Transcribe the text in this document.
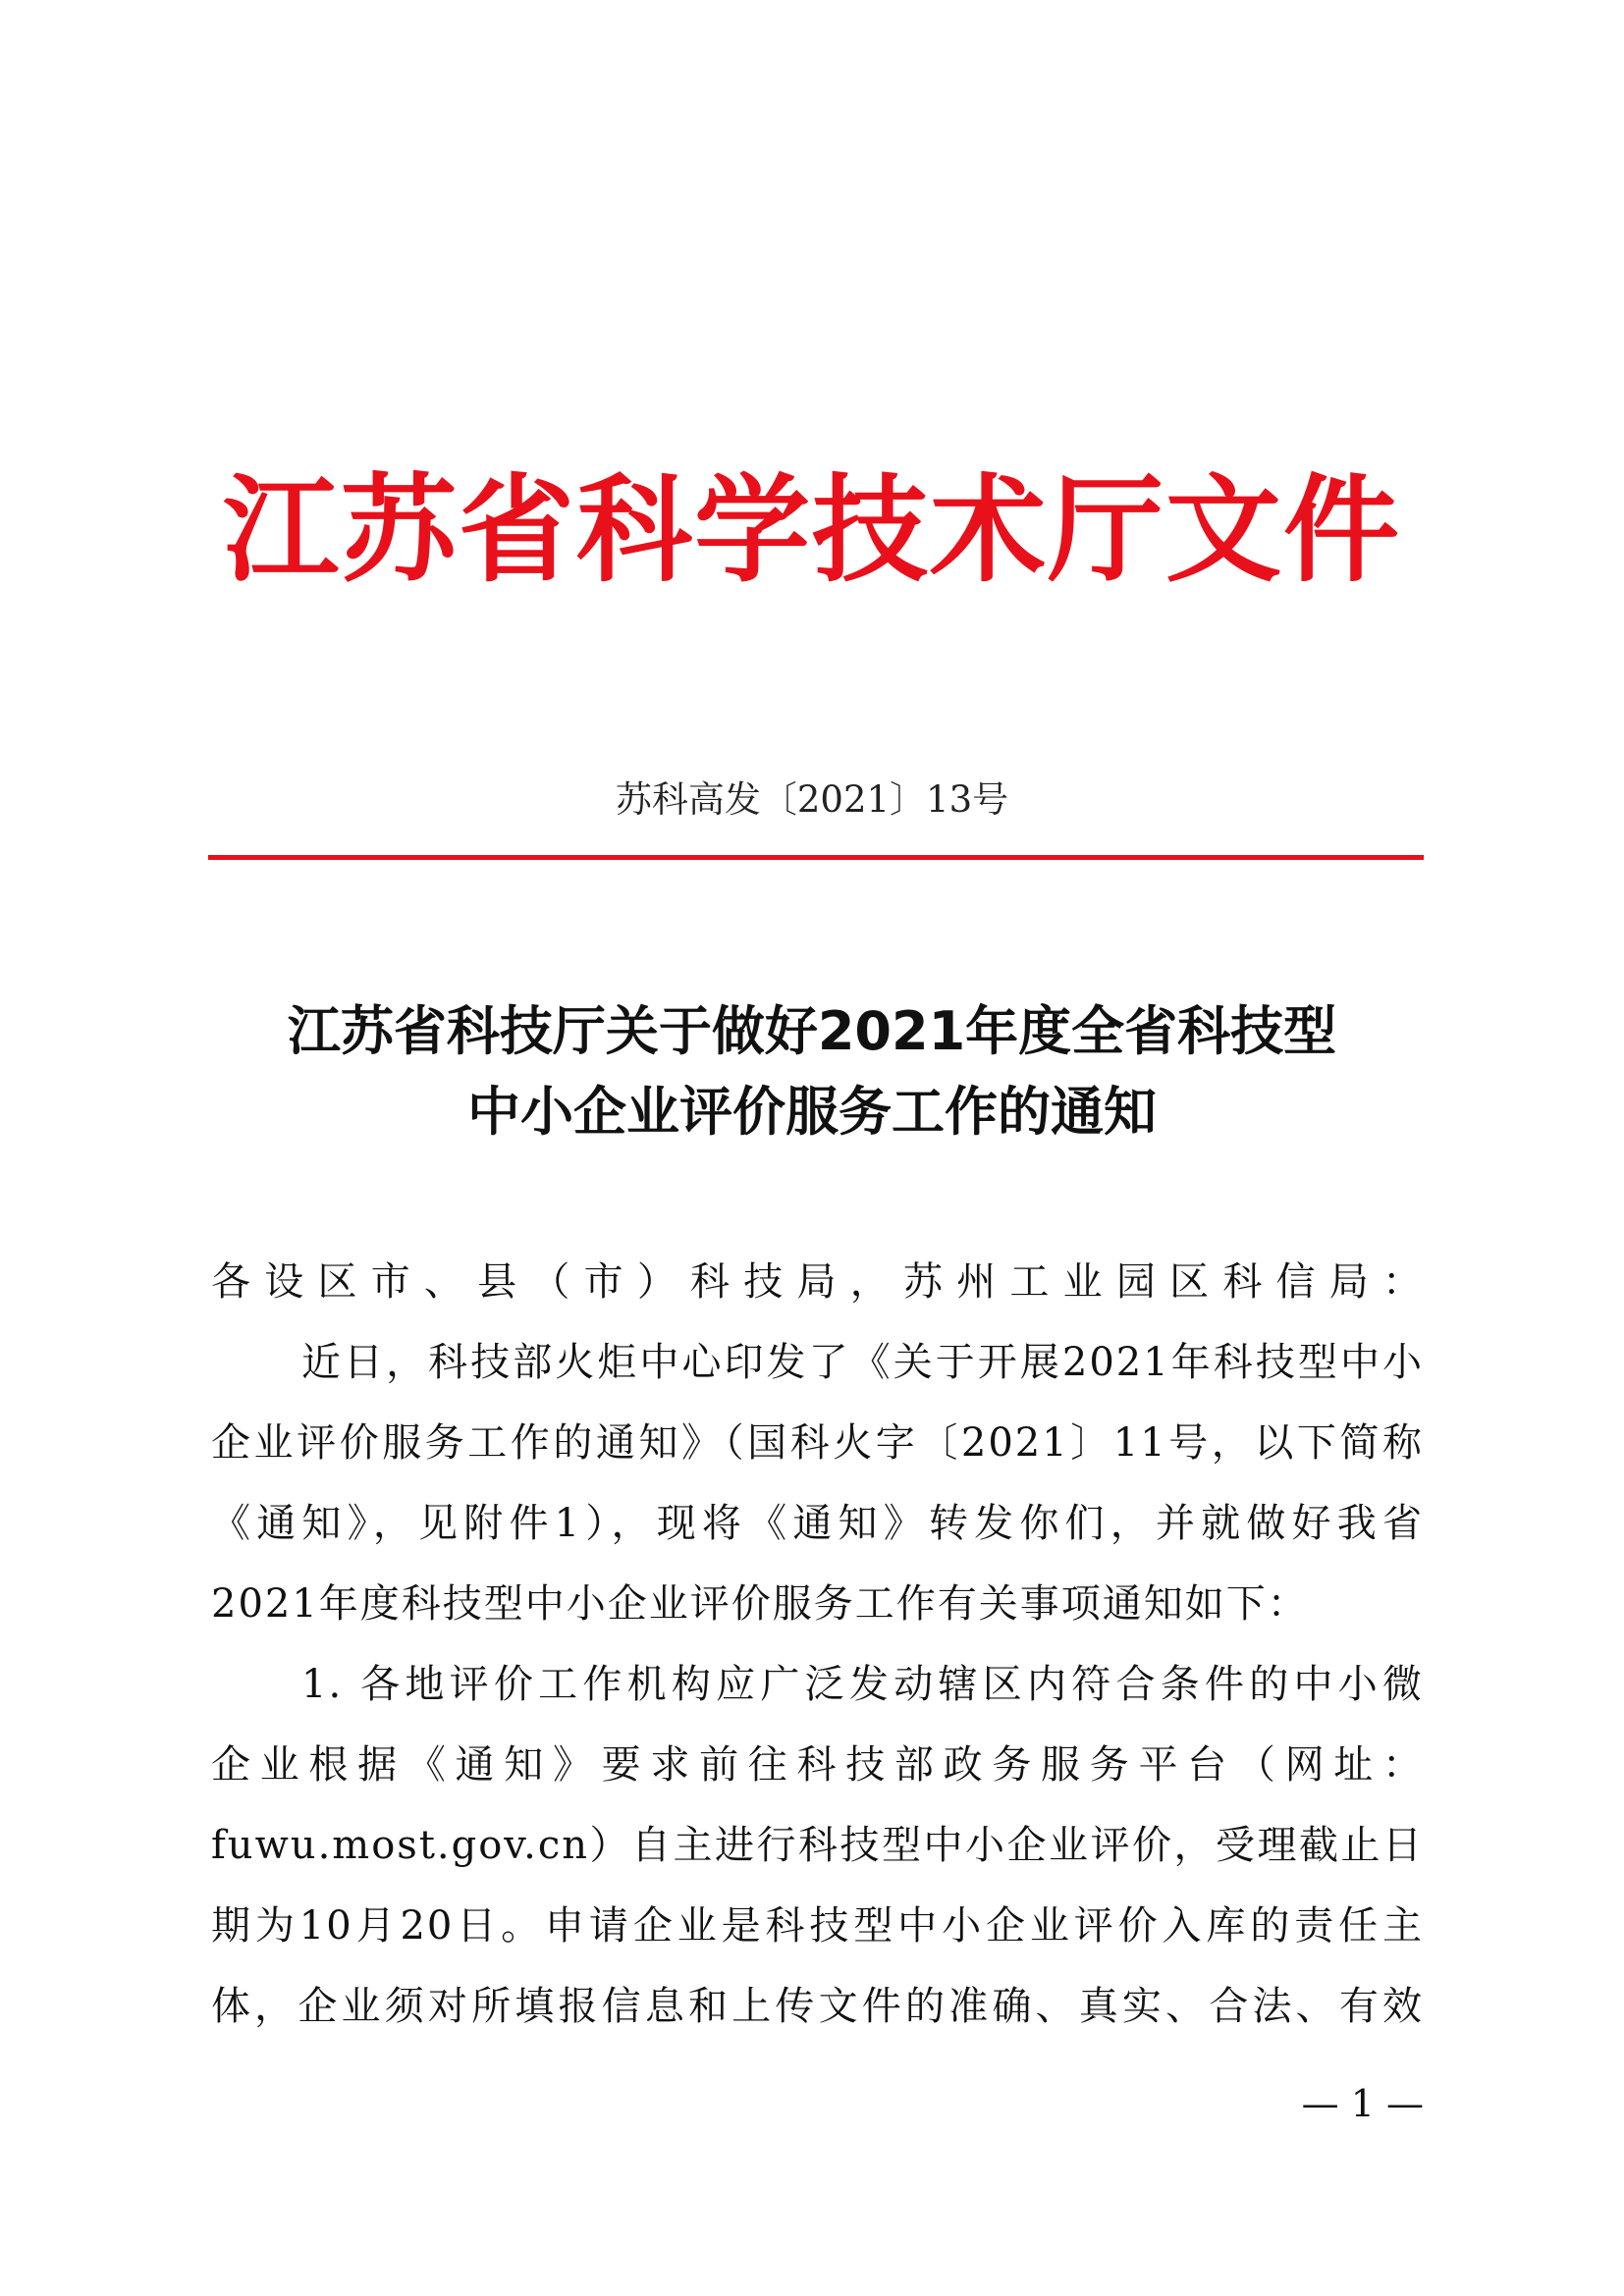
江苏省科学技术厅文件
苏科高发〔2021〕13号
江苏省科技厅关于做好2021年度全省科技型
中小企业评价服务工作的通知
各设区市、县（市）科技局，苏州工业园区科信局：
近日，科技部火炬中心印发了《关于开展2021年科技型中小
企业评价服务工作的通知》（国科火字〔2021〕11号，以下简称
《通知》，见附件1），现将《通知》转发你们，并就做好我省
2021年度科技型中小企业评价服务工作有关事项通知如下：
1. 各地评价工作机构应广泛发动辖区内符合条件的中小微
企业根据《通知》要求前往科技部政务服务平台（网址：
fuwu.most.gov.cn）自主进行科技型中小企业评价，受理截止日
期为10月20日。申请企业是科技型中小企业评价入库的责任主
体，企业须对所填报信息和上传文件的准确、真实、合法、有效
— 1 —
